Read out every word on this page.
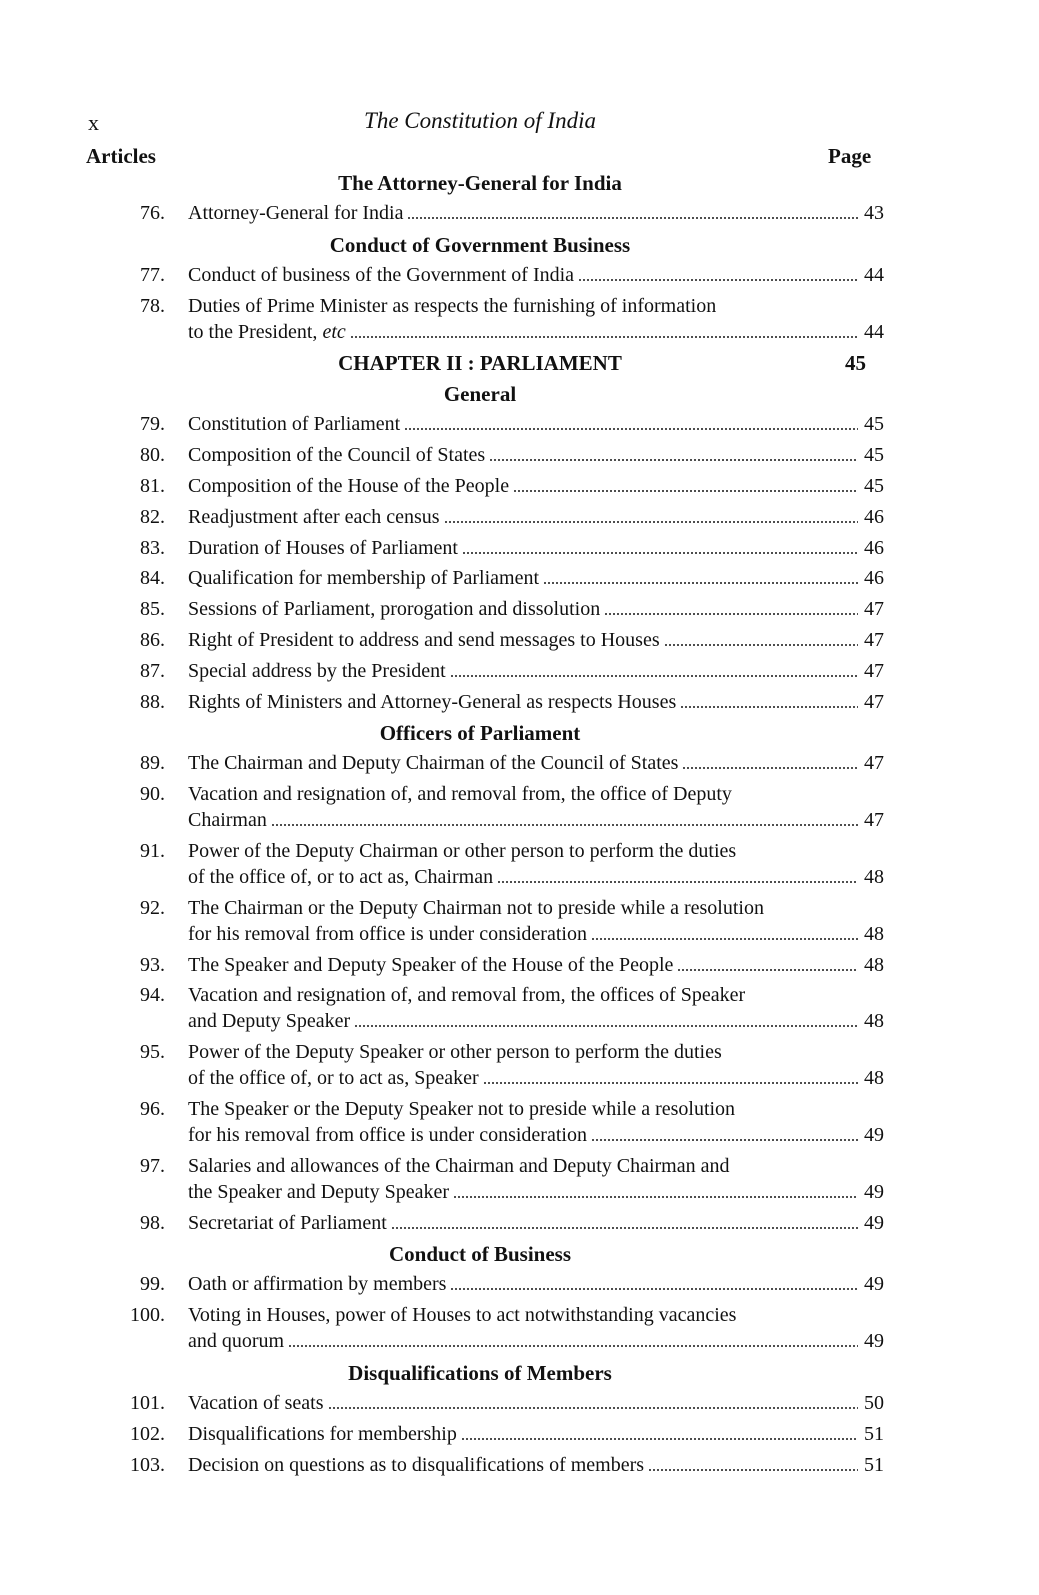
x	The Constitution of India
Articles	Page
The Attorney-General for India
76. Attorney-General for India	43
Conduct of Government Business
77. Conduct of business of the Government of India	44
78. Duties of Prime Minister as respects the furnishing of information
to the President, etc	44
CHAPTER II : PARLIAMENT	45
General
79. Constitution of Parliament	45
80. Composition of the Council of States	45
81. Composition of the House of the People	45
82. Readjustment after each census	46
83. Duration of Houses of Parliament	46
84. Qualification for membership of Parliament	46
85. Sessions of Parliament, prorogation and dissolution	47
86. Right of President to address and send messages to Houses	47
87. Special address by the President	47
88. Rights of Ministers and Attorney-General as respects Houses	47
Officers of Parliament
89. The Chairman and Deputy Chairman of the Council of States	47
90. Vacation and resignation of, and removal from, the office of Deputy
Chairman	47
91. Power of the Deputy Chairman or other person to perform the duties
of the office of, or to act as, Chairman	48
92. The Chairman or the Deputy Chairman not to preside while a resolution
for his removal from office is under consideration	48
93. The Speaker and Deputy Speaker of the House of the People	48
94. Vacation and resignation of, and removal from, the offices of Speaker
and Deputy Speaker	48
95. Power of the Deputy Speaker or other person to perform the duties
of the office of, or to act as, Speaker	48
96. The Speaker or the Deputy Speaker not to preside while a resolution
for his removal from office is under consideration	49
97. Salaries and allowances of the Chairman and Deputy Chairman and
the Speaker and Deputy Speaker	49
98. Secretariat of Parliament	49
Conduct of Business
99. Oath or affirmation by members	49
100. Voting in Houses, power of Houses to act notwithstanding vacancies
and quorum	49
Disqualifications of Members
101. Vacation of seats	50
102. Disqualifications for membership	51
103. Decision on questions as to disqualifications of members	51
